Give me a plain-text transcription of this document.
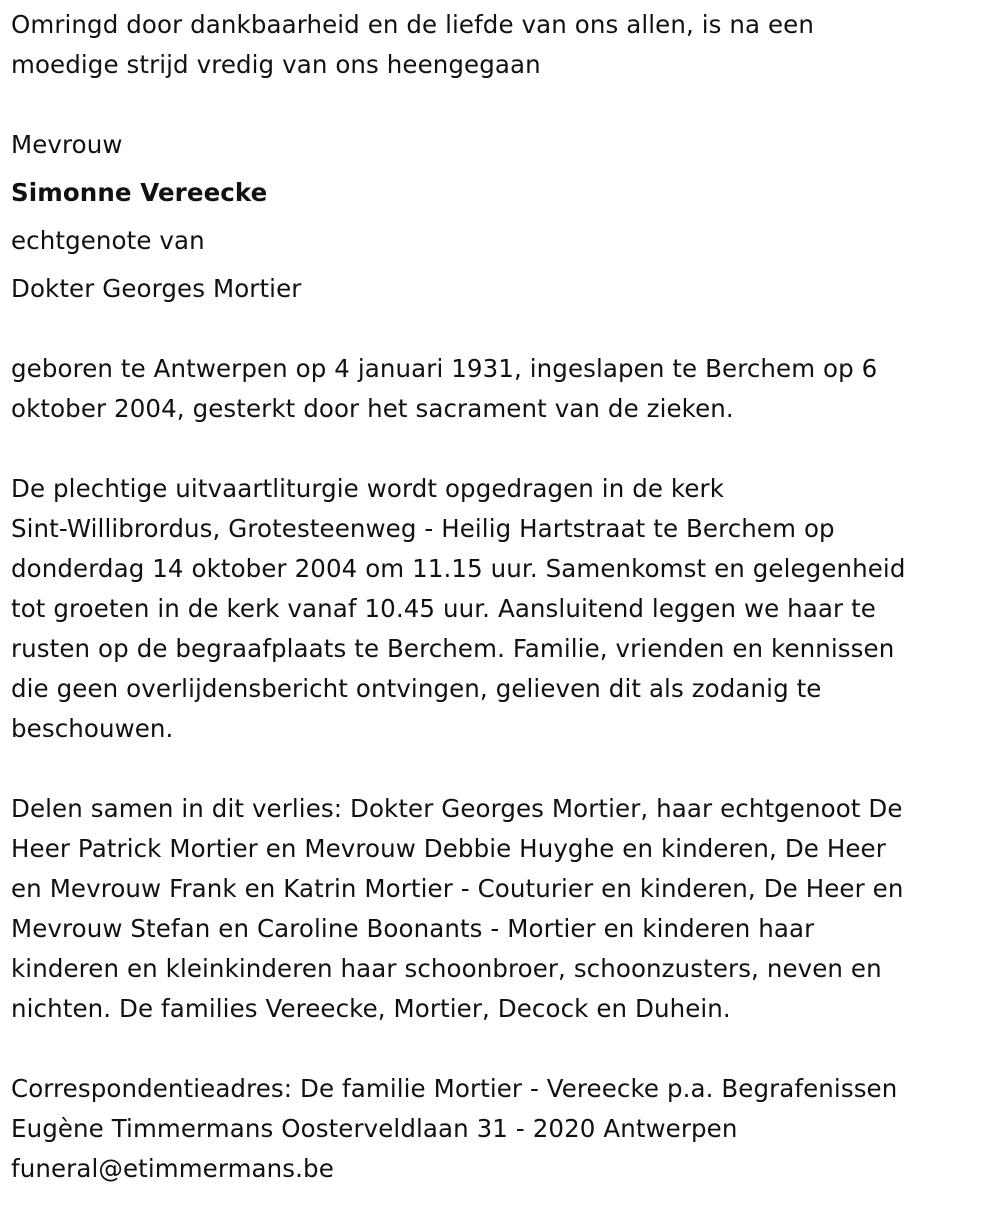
Omringd door dankbaarheid en de liefde van ons allen, is na een
moedige strijd vredig van ons heengegaan
Mevrouw
Simonne Vereecke
echtgenote van
Dokter Georges Mortier
geboren te Antwerpen op 4 januari 1931, ingeslapen te Berchem op 6
oktober 2004, gesterkt door het sacrament van de zieken.
De plechtige uitvaartliturgie wordt opgedragen in de kerk
Sint-Willibrordus, Grotesteenweg - Heilig Hartstraat te Berchem op
donderdag 14 oktober 2004 om 11.15 uur. Samenkomst en gelegenheid
tot groeten in de kerk vanaf 10.45 uur. Aansluitend leggen we haar te
rusten op de begraafplaats te Berchem. Familie, vrienden en kennissen
die geen overlijdensbericht ontvingen, gelieven dit als zodanig te
beschouwen.
Delen samen in dit verlies: Dokter Georges Mortier, haar echtgenoot De
Heer Patrick Mortier en Mevrouw Debbie Huyghe en kinderen, De Heer
en Mevrouw Frank en Katrin Mortier - Couturier en kinderen, De Heer en
Mevrouw Stefan en Caroline Boonants - Mortier en kinderen haar
kinderen en kleinkinderen haar schoonbroer, schoonzusters, neven en
nichten. De families Vereecke, Mortier, Decock en Duhein.
Correspondentieadres: De familie Mortier - Vereecke p.a. Begrafenissen
Eugène Timmermans Oosterveldlaan 31 - 2020 Antwerpen
funeral@etimmermans.be
